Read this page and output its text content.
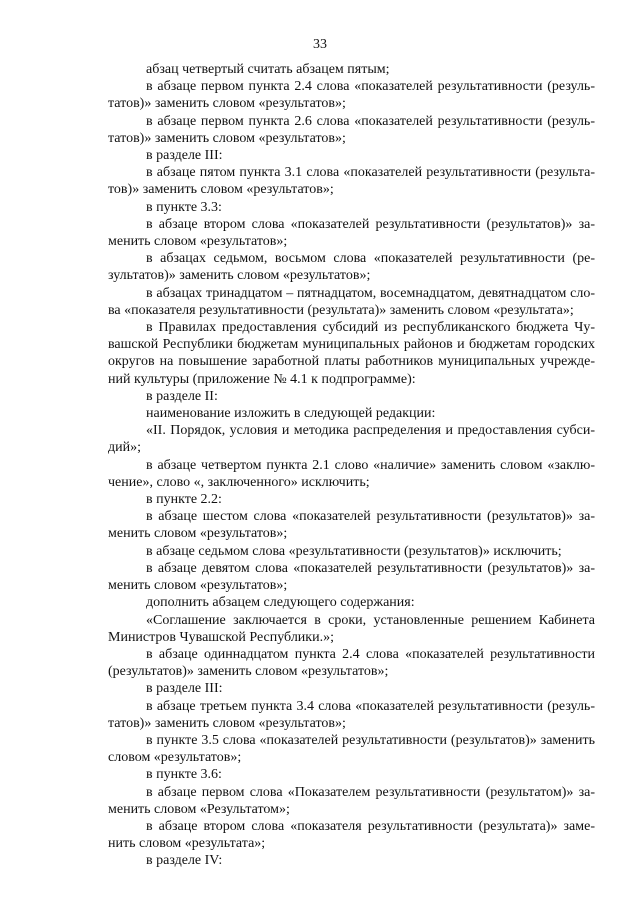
33

абзац четвертый считать абзацем пятым;

в абзаце первом пункта 2.4 слова «показателей результативности (результатов)» заменить словом «результатов»;

в абзаце первом пункта 2.6 слова «показателей результативности (результатов)» заменить словом «результатов»;

в разделе III:

в абзаце пятом пункта 3.1 слова «показателей результативности (результатов)» заменить словом «результатов»;

в пункте 3.3:

в абзаце втором слова «показателей результативности (результатов)» заменить словом «результатов»;

в абзацах седьмом, восьмом слова «показателей результативности (результатов)» заменить словом «результатов»;

в абзацах тринадцатом – пятнадцатом, восемнадцатом, девятнадцатом слова «показателя результативности (результата)» заменить словом «результата»;

в Правилах предоставления субсидий из республиканского бюджета Чувашской Республики бюджетам муниципальных районов и бюджетам городских округов на повышение заработной платы работников муниципальных учреждений культуры (приложение № 4.1 к подпрограмме):

в разделе II:

наименование изложить в следующей редакции:

«II. Порядок, условия и методика распределения и предоставления субсидий»;

в абзаце четвертом пункта 2.1 слово «наличие» заменить словом «заключение», слово «, заключенного» исключить;

в пункте 2.2:

в абзаце шестом слова «показателей результативности (результатов)» заменить словом «результатов»;

в абзаце седьмом слова «результативности (результатов)» исключить;

в абзаце девятом слова «показателей результативности (результатов)» заменить словом «результатов»;

дополнить абзацем следующего содержания:

«Соглашение заключается в сроки, установленные решением Кабинета Министров Чувашской Республики.»;

в абзаце одиннадцатом пункта 2.4 слова «показателей результативности (результатов)» заменить словом «результатов»;

в разделе III:

в абзаце третьем пункта 3.4 слова «показателей результативности (результатов)» заменить словом «результатов»;

в пункте 3.5 слова «показателей результативности (результатов)» заменить словом «результатов»;

в пункте 3.6:

в абзаце первом слова «Показателем результативности (результатом)» заменить словом «Результатом»;

в абзаце втором слова «показателя результативности (результата)» заменить словом «результата»;

в разделе IV:
